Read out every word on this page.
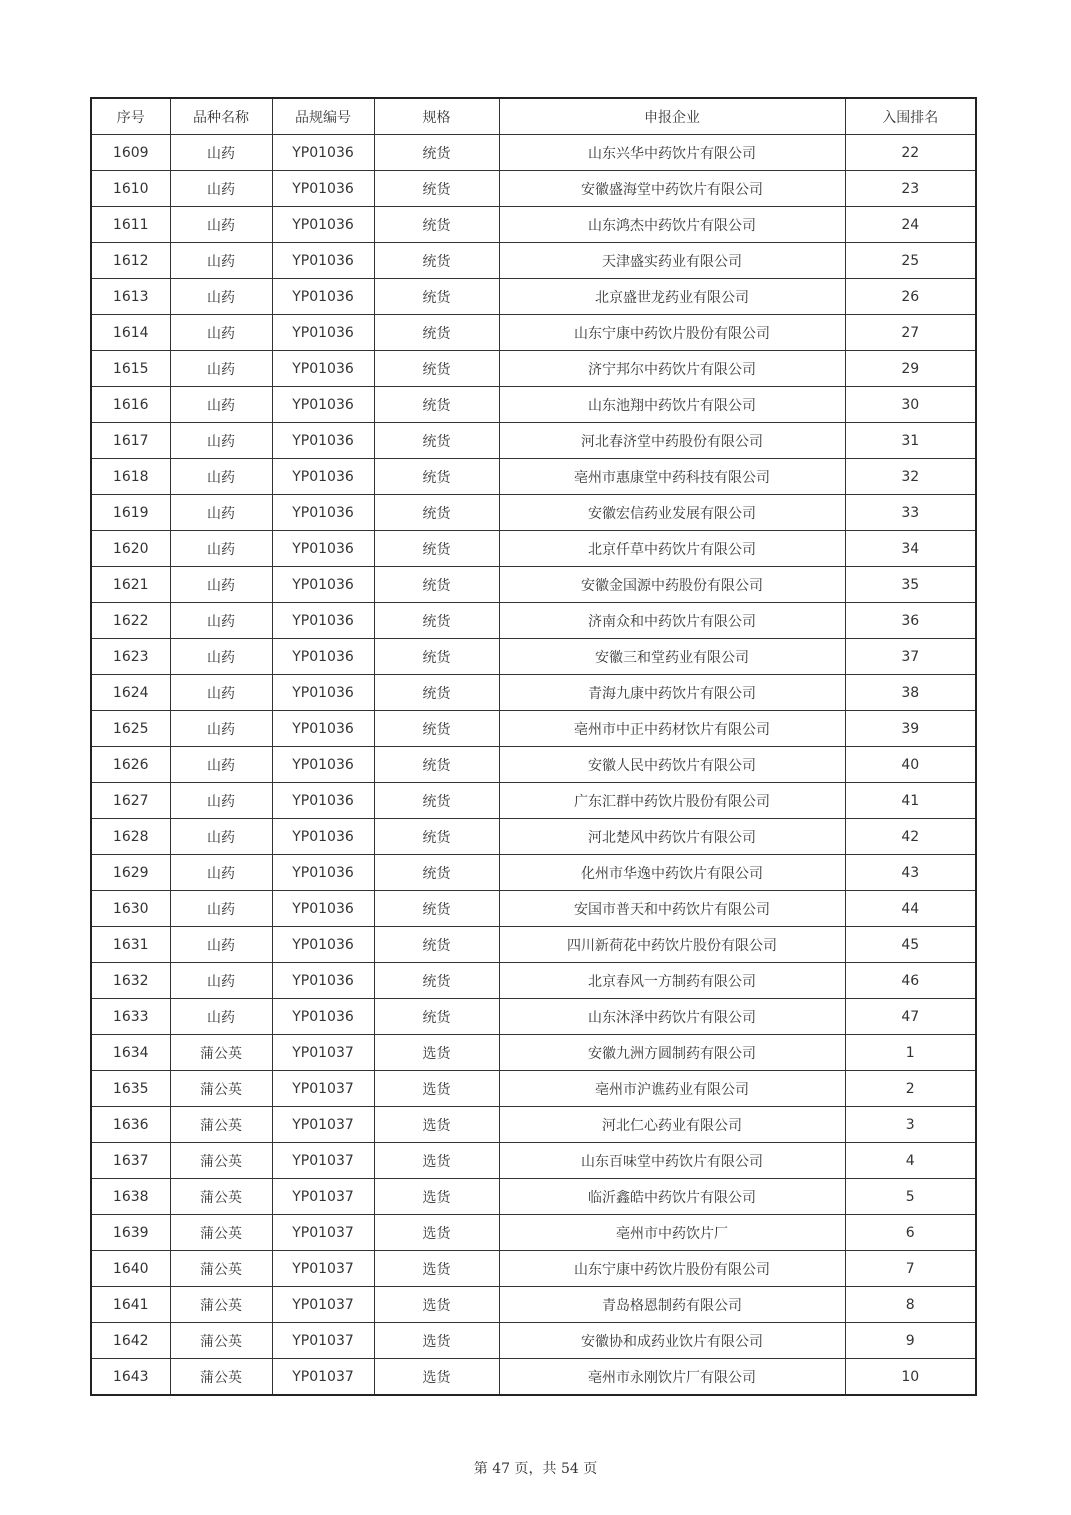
序号	品种名称	品规编号	规格	申报企业	入围排名
1609	山药	YP01036	统货	山东兴华中药饮片有限公司	22
1610	山药	YP01036	统货	安徽盛海堂中药饮片有限公司	23
1611	山药	YP01036	统货	山东鸿杰中药饮片有限公司	24
1612	山药	YP01036	统货	天津盛实药业有限公司	25
1613	山药	YP01036	统货	北京盛世龙药业有限公司	26
1614	山药	YP01036	统货	山东宁康中药饮片股份有限公司	27
1615	山药	YP01036	统货	济宁邦尔中药饮片有限公司	29
1616	山药	YP01036	统货	山东池翔中药饮片有限公司	30
1617	山药	YP01036	统货	河北春济堂中药股份有限公司	31
1618	山药	YP01036	统货	亳州市惠康堂中药科技有限公司	32
1619	山药	YP01036	统货	安徽宏信药业发展有限公司	33
1620	山药	YP01036	统货	北京仟草中药饮片有限公司	34
1621	山药	YP01036	统货	安徽金国源中药股份有限公司	35
1622	山药	YP01036	统货	济南众和中药饮片有限公司	36
1623	山药	YP01036	统货	安徽三和堂药业有限公司	37
1624	山药	YP01036	统货	青海九康中药饮片有限公司	38
1625	山药	YP01036	统货	亳州市中正中药材饮片有限公司	39
1626	山药	YP01036	统货	安徽人民中药饮片有限公司	40
1627	山药	YP01036	统货	广东汇群中药饮片股份有限公司	41
1628	山药	YP01036	统货	河北楚风中药饮片有限公司	42
1629	山药	YP01036	统货	化州市华逸中药饮片有限公司	43
1630	山药	YP01036	统货	安国市普天和中药饮片有限公司	44
1631	山药	YP01036	统货	四川新荷花中药饮片股份有限公司	45
1632	山药	YP01036	统货	北京春风一方制药有限公司	46
1633	山药	YP01036	统货	山东沐泽中药饮片有限公司	47
1634	蒲公英	YP01037	选货	安徽九洲方圆制药有限公司	1
1635	蒲公英	YP01037	选货	亳州市沪谯药业有限公司	2
1636	蒲公英	YP01037	选货	河北仁心药业有限公司	3
1637	蒲公英	YP01037	选货	山东百味堂中药饮片有限公司	4
1638	蒲公英	YP01037	选货	临沂鑫皓中药饮片有限公司	5
1639	蒲公英	YP01037	选货	亳州市中药饮片厂	6
1640	蒲公英	YP01037	选货	山东宁康中药饮片股份有限公司	7
1641	蒲公英	YP01037	选货	青岛格恩制药有限公司	8
1642	蒲公英	YP01037	选货	安徽协和成药业饮片有限公司	9
1643	蒲公英	YP01037	选货	亳州市永刚饮片厂有限公司	10
第 47 页，共 54 页
